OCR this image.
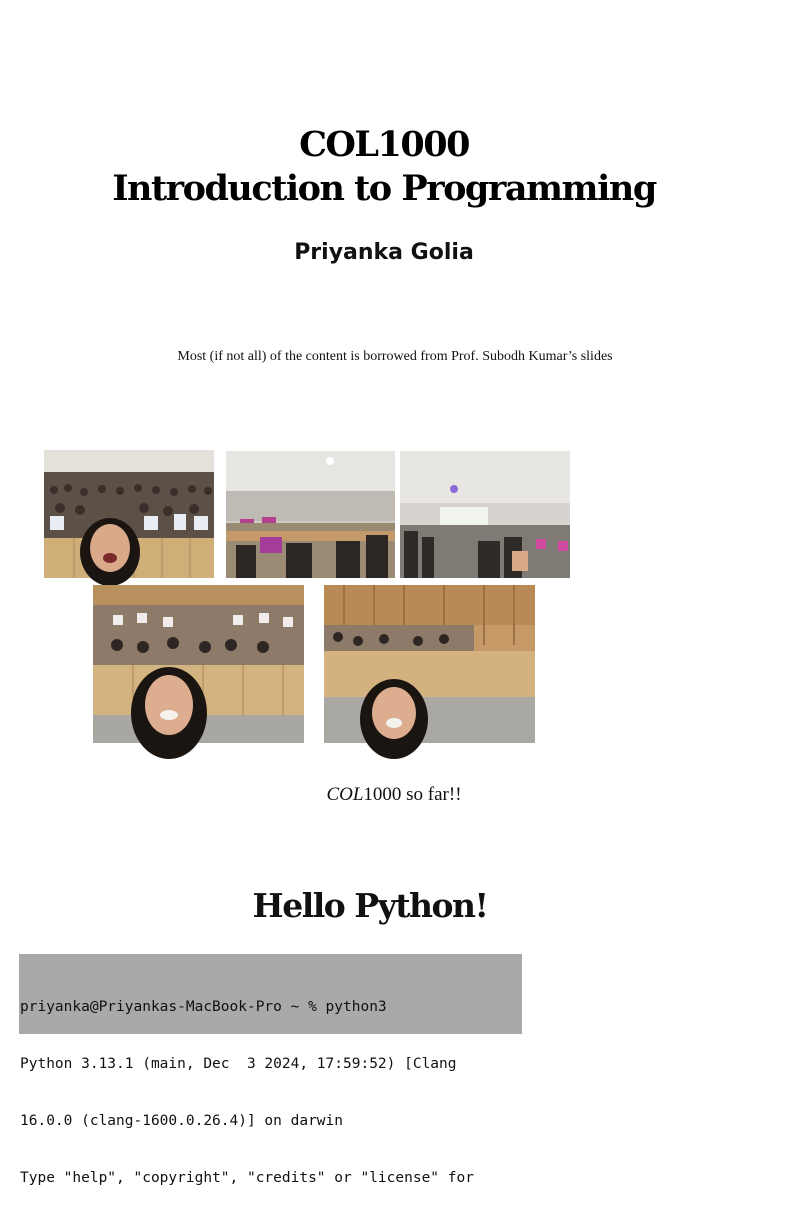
COL1000
Introduction to Programming
Priyanka Golia
Most (if not all) of the content is borrowed from Prof. Subodh Kumar’s slides
COL1000 so far!!
Hello Python!

priyanka@Priyankas-MacBook-Pro ~ % python3

Python 3.13.1 (main, Dec  3 2024, 17:59:52) [Clang

16.0.0 (clang-1600.0.26.4)] on darwin

Type "help", "copyright", "credits" or "license" for
